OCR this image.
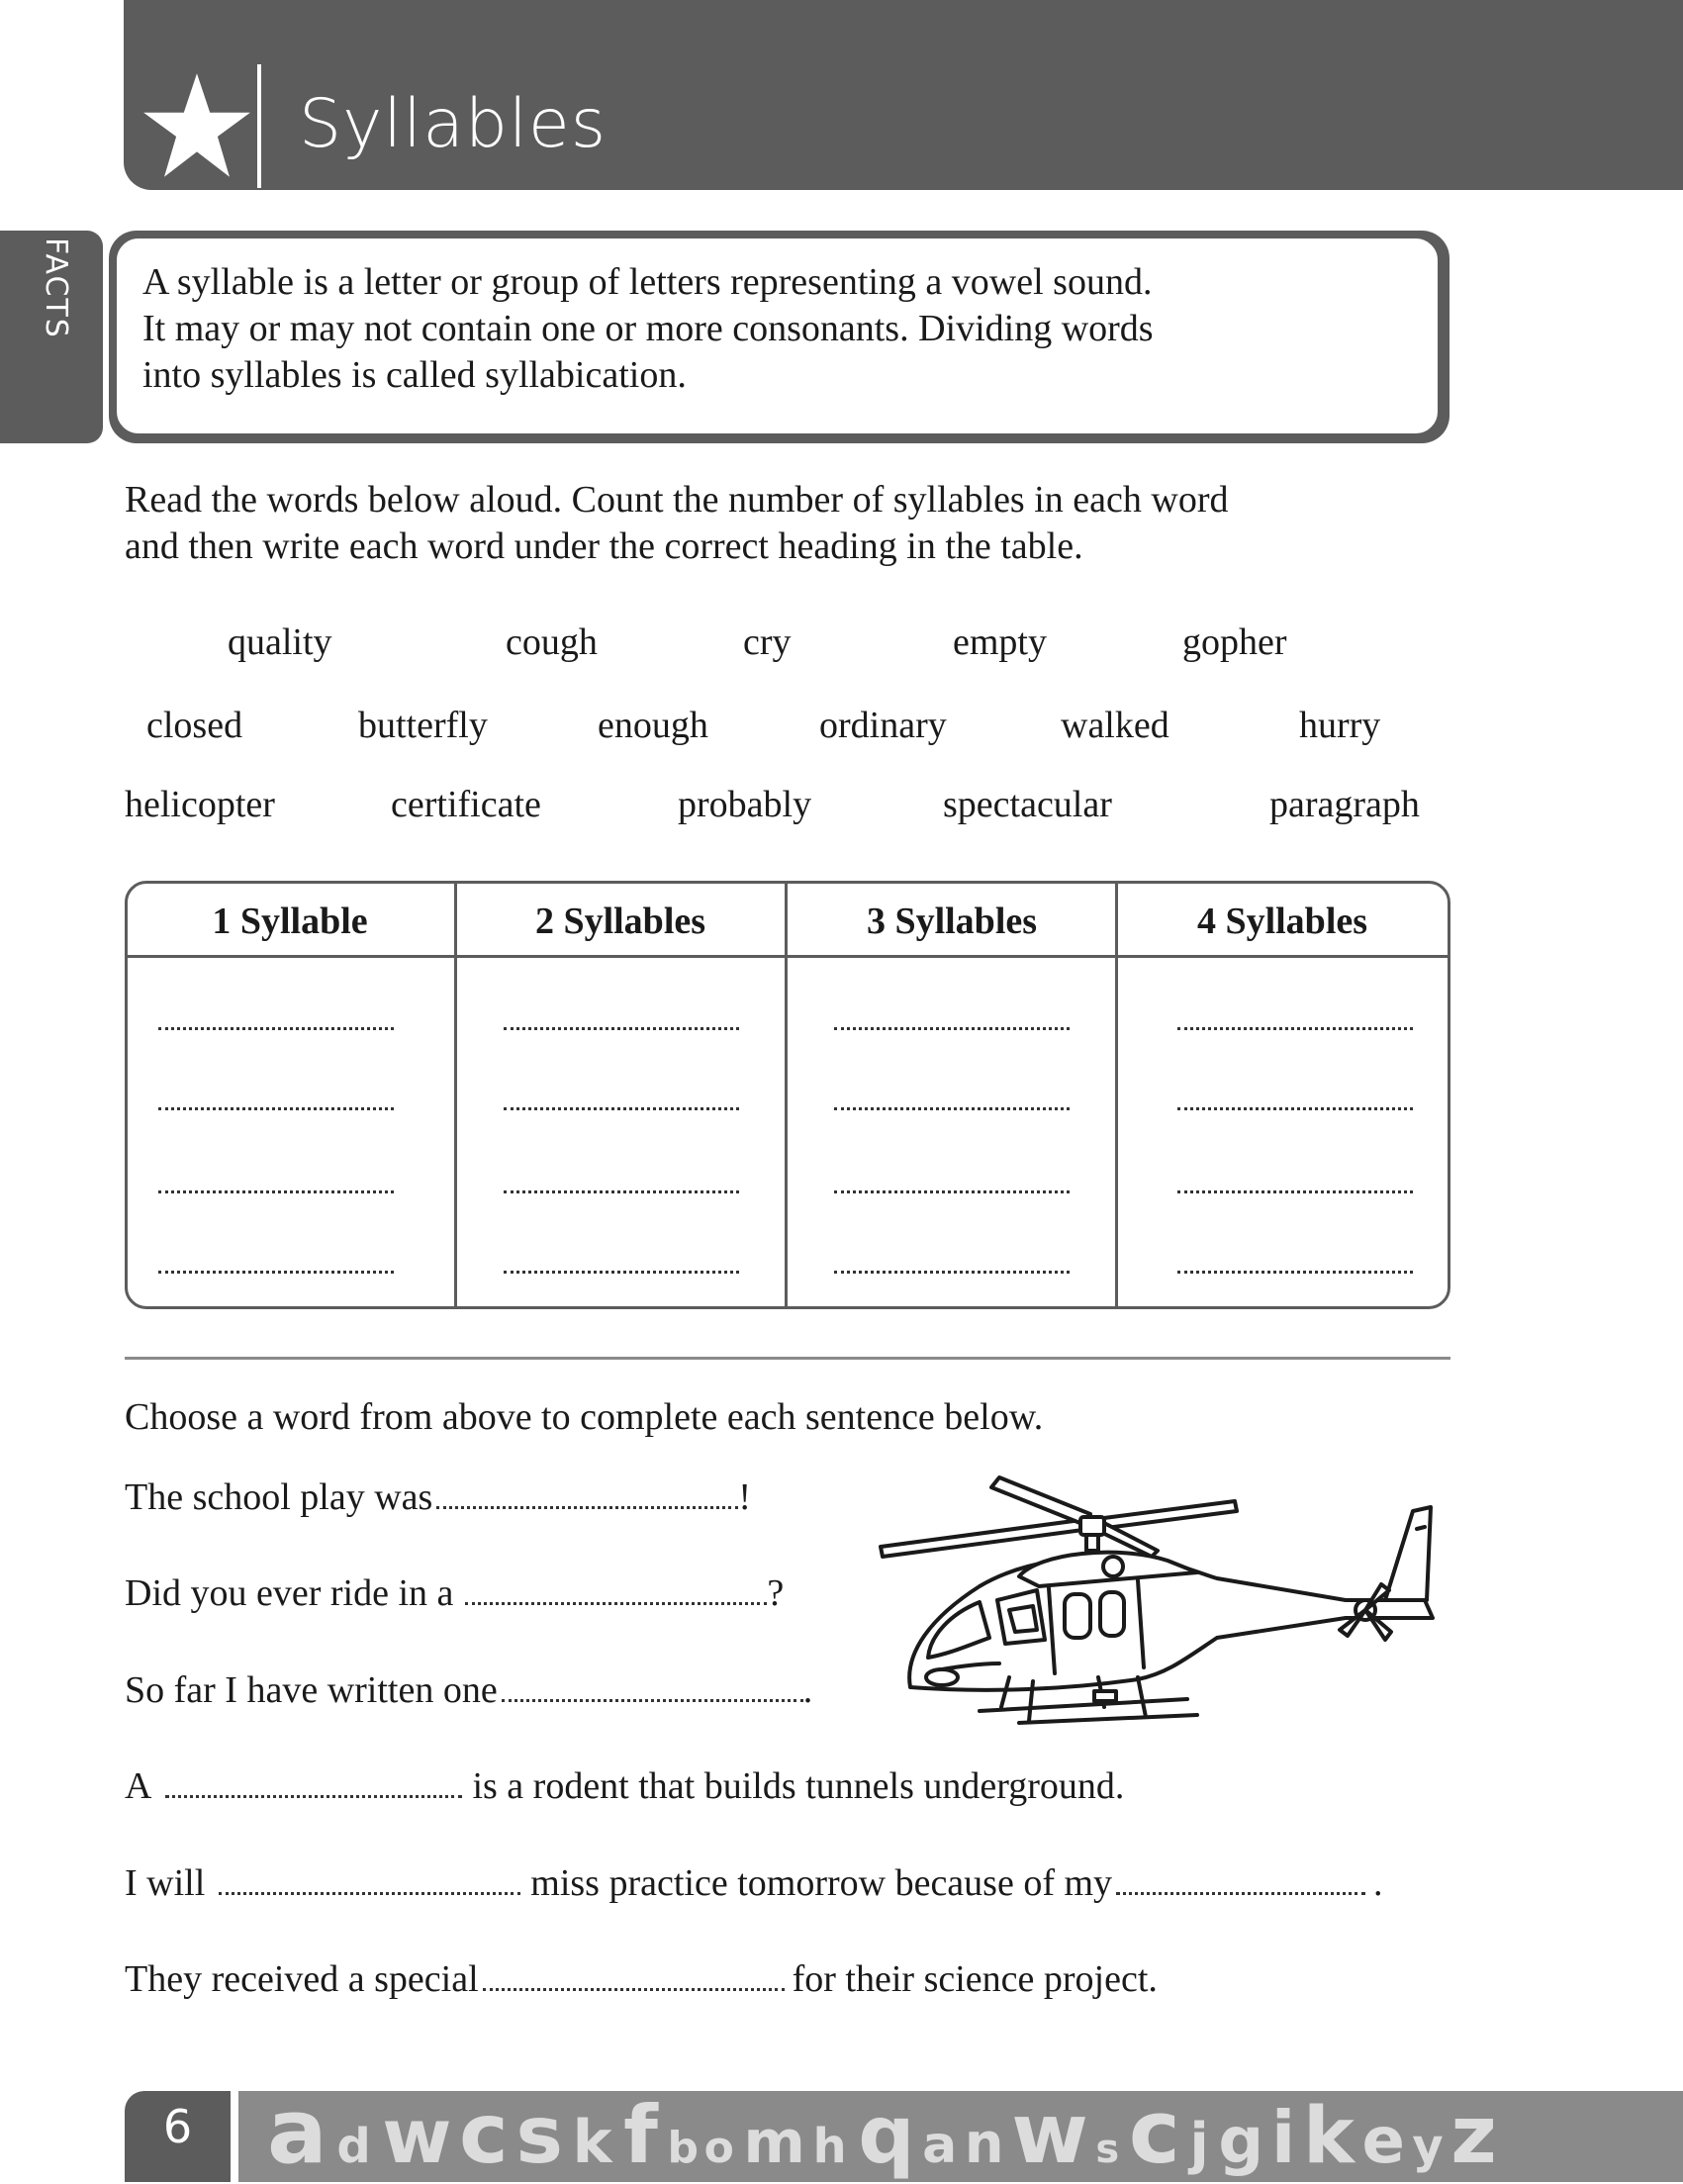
Syllables
FACTS A syllable is a letter or group of letters representing a vowel sound.
It may or may not contain one or more consonants. Dividing words
into syllables is called syllabication.
Read the words below aloud. Count the number of syllables in each word
and then write each word under the correct heading in the table.
quality	cough	cry	empty	gopher
closed	butterfly	enough	ordinary	walked	hurry
helicopter	certificate	probably	spectacular	paragraph
1 Syllable	2 Syllables	3 Syllables	4 Syllables
Choose a word from above to complete each sentence below.
The school play was	!
Did you ever ride in a	?
So far I have written one	.
A	is a rodent that builds tunnels underground.
I will	miss practice tomorrow because of my	.
They received a special	for their science project.
6 a d w c s k f b o m h q a n w s c j g i k e y z
